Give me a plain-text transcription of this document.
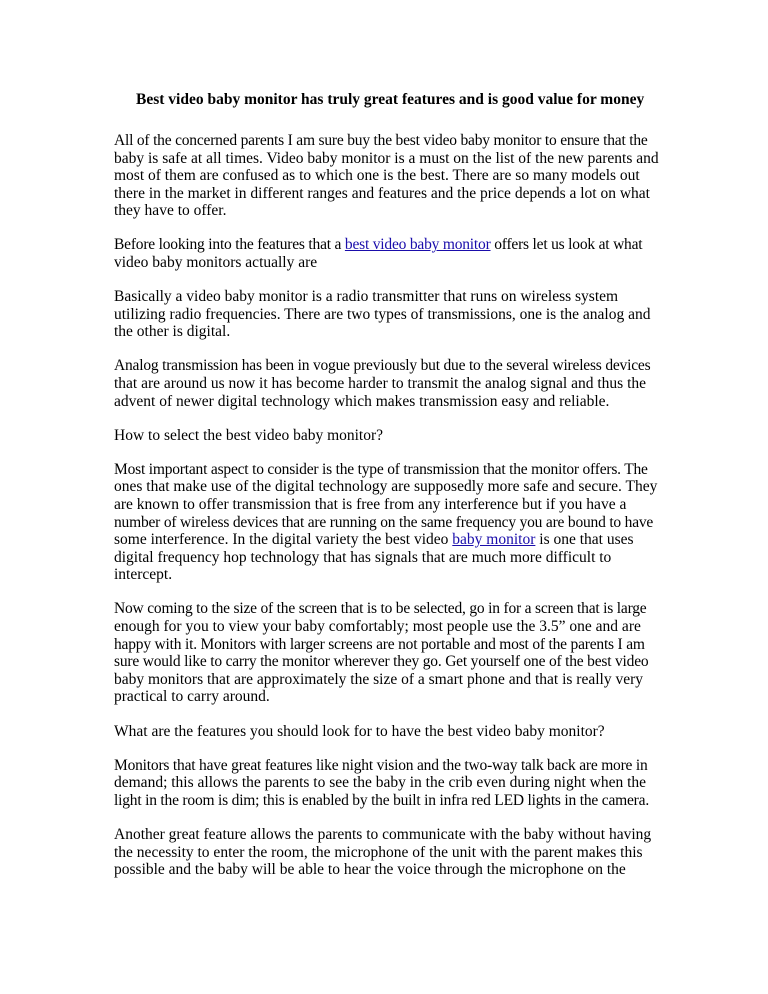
Best video baby monitor has truly great features and is good value for money

All of the concerned parents I am sure buy the best video baby monitor to ensure that the
baby is safe at all times. Video baby monitor is a must on the list of the new parents and
most of them are confused as to which one is the best. There are so many models out
there in the market in different ranges and features and the price depends a lot on what
they have to offer.

Before looking into the features that a best video baby monitor offers let us look at what
video baby monitors actually are

Basically a video baby monitor is a radio transmitter that runs on wireless system
utilizing radio frequencies. There are two types of transmissions, one is the analog and
the other is digital.

Analog transmission has been in vogue previously but due to the several wireless devices
that are around us now it has become harder to transmit the analog signal and thus the
advent of newer digital technology which makes transmission easy and reliable.

How to select the best video baby monitor?

Most important aspect to consider is the type of transmission that the monitor offers. The
ones that make use of the digital technology are supposedly more safe and secure. They
are known to offer transmission that is free from any interference but if you have a
number of wireless devices that are running on the same frequency you are bound to have
some interference. In the digital variety the best video baby monitor is one that uses
digital frequency hop technology that has signals that are much more difficult to
intercept.

Now coming to the size of the screen that is to be selected, go in for a screen that is large
enough for you to view your baby comfortably; most people use the 3.5” one and are
happy with it. Monitors with larger screens are not portable and most of the parents I am
sure would like to carry the monitor wherever they go. Get yourself one of the best video
baby monitors that are approximately the size of a smart phone and that is really very
practical to carry around.

What are the features you should look for to have the best video baby monitor?

Monitors that have great features like night vision and the two-way talk back are more in
demand; this allows the parents to see the baby in the crib even during night when the
light in the room is dim; this is enabled by the built in infra red LED lights in the camera.

Another great feature allows the parents to communicate with the baby without having
the necessity to enter the room, the microphone of the unit with the parent makes this
possible and the baby will be able to hear the voice through the microphone on the
